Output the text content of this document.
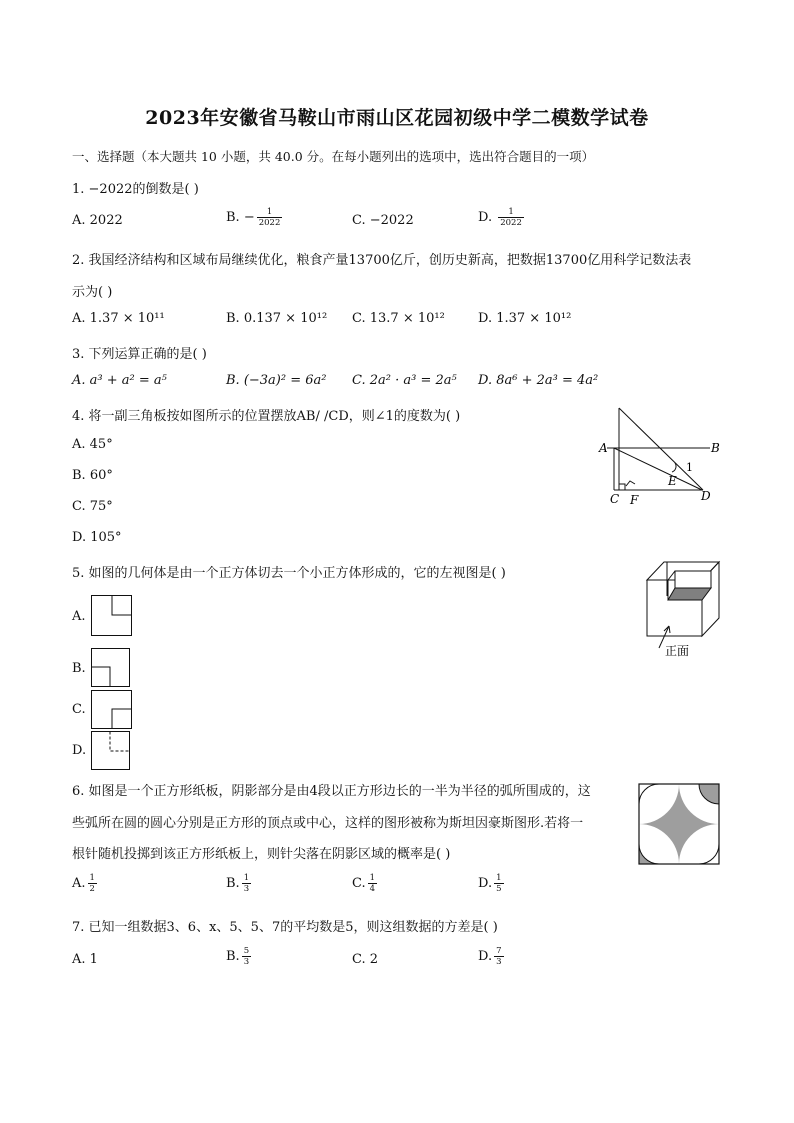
2023年安徽省马鞍山市雨山区花园初级中学二模数学试卷
一、选择题（本大题共 10 小题，共 40.0 分。在每小题列出的选项中，选出符合题目的一项）
1. −2022的倒数是( )
A. 2022	B. − $\frac{1}{2022}$	C. −2022	D. $\frac{1}{2022}$
2. 我国经济结构和区域布局继续优化，粮食产量13700亿斤，创历史新高，把数据13700亿用科学记数法表
示为( )
A. 1.37 × 10¹¹	B. 0.137 × 10¹² C. 13.7 × 10¹²	D. 1.37 × 10¹²
3. 下列运算正确的是( )
A. a³ + a² = a⁵	B. (−3a)² = 6a² C. 2a² · a³ = 2a⁵ D. 8a⁶ + 2a³ = 4a²
4. 将一副三角板按如图所示的位置摆放AB/ /CD，则∠1的度数为( )
A. 45°
B. 60°
C. 75°
D. 105°
A	B
C	D
E
F
1
5. 如图的几何体是由一个正方体切去一个小正方体形成的，它的左视图是( )
A.
B.
C.
D.
正面
6. 如图是一个正方形纸板，阴影部分是由4段以正方形边长的一半为半径的弧所围成的，这
些弧所在圆的圆心分别是正方形的顶点或中心，这样的图形被称为斯坦因豪斯图形.若将一
根针随机投掷到该正方形纸板上，则针尖落在阴影区域的概率是( )
A. $\frac{1}{2}$	B. $\frac{1}{3}$	C. $\frac{1}{4}$	D. $\frac{1}{5}$
7. 已知一组数据3、6、x、5、5、7的平均数是5，则这组数据的方差是( )
A. 1	B. $\frac{5}{3}$	C. 2	D. $\frac{7}{3}$
